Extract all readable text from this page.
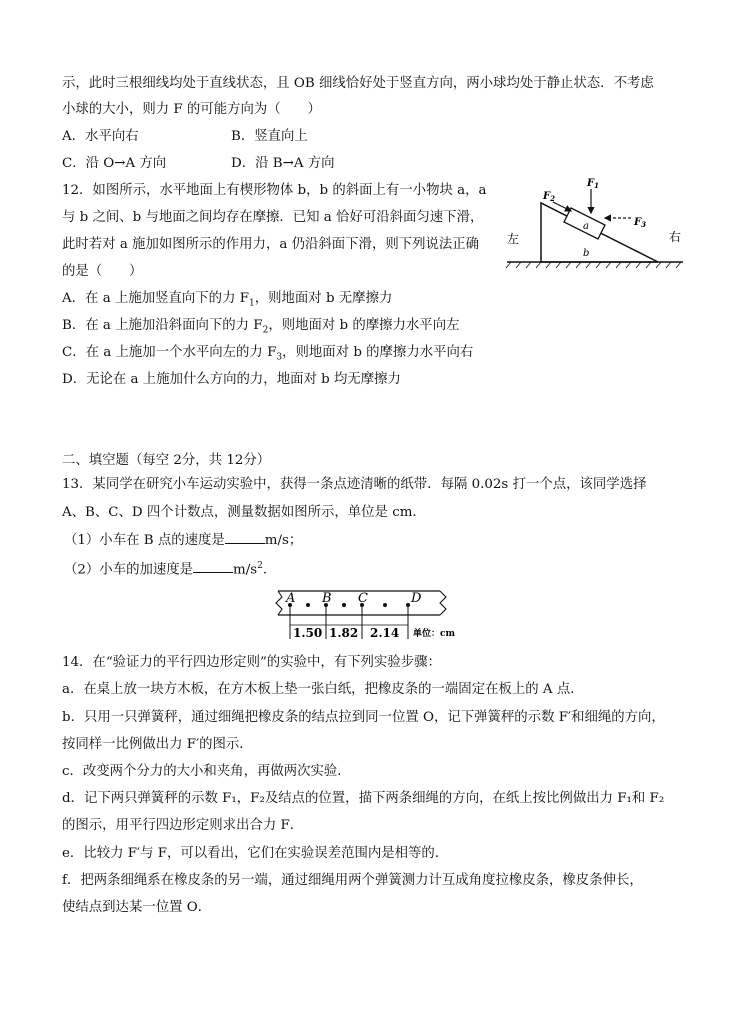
示，此时三根细线均处于直线状态，且 OB 细线恰好处于竖直方向，两小球均处于静止状态．不考虑
小球的大小，则力 F 的可能方向为（　　）
A．水平向右	B．竖直向上
C．沿 O→A 方向	D．沿 B→A 方向
12．如图所示，水平地面上有楔形物体 b，b 的斜面上有一小物块 a，a
与 b 之间、b 与地面之间均存在摩擦．已知 a 恰好可沿斜面匀速下滑，
此时若对 a 施加如图所示的作用力，a 仍沿斜面下滑，则下列说法正确
的是（　　）
A．在 a 上施加竖直向下的力 $F_1$，则地面对 b 无摩擦力
B．在 a 上施加沿斜面向下的力 $F_2$，则地面对 b 的摩擦力水平向左
C．在 a 上施加一个水平向左的力 $F_3$，则地面对 b 的摩擦力水平向右
D．无论在 a 上施加什么方向的力，地面对 b 均无摩擦力
a
b
$F_1$
$F_2$
$F_3$
左	右
二、填空题（每空 2分，共 12分）
13．某同学在研究小车运动实验中，获得一条点迹清晰的纸带．每隔 0.02s 打一个点，该同学选择
A、B、C、D 四个计数点，测量数据如图所示，单位是 cm．
（1）小车在 B 点的速度是	m/s；
（2）小车的加速度是	$m/s^2$．
A B C	D
1.50 1.82 2.14 单位：cm
14．在“验证力的平行四边形定则”的实验中，有下列实验步骤：
a．在桌上放一块方木板，在方木板上垫一张白纸，把橡皮条的一端固定在板上的 A 点．
b．只用一只弹簧秤，通过细绳把橡皮条的结点拉到同一位置 O，记下弹簧秤的示数 F′和细绳的方向，
按同样一比例做出力 F′的图示．
c．改变两个分力的大小和夹角，再做两次实验．
d．记下两只弹簧秤的示数 F₁，F₂及结点的位置，描下两条细绳的方向，在纸上按比例做出力 F₁和 F₂
的图示，用平行四边形定则求出合力 F．
e．比较力 F′与 F，可以看出，它们在实验误差范围内是相等的．
f．把两条细绳系在橡皮条的另一端，通过细绳用两个弹簧测力计互成角度拉橡皮条，橡皮条伸长，
使结点到达某一位置 O．
